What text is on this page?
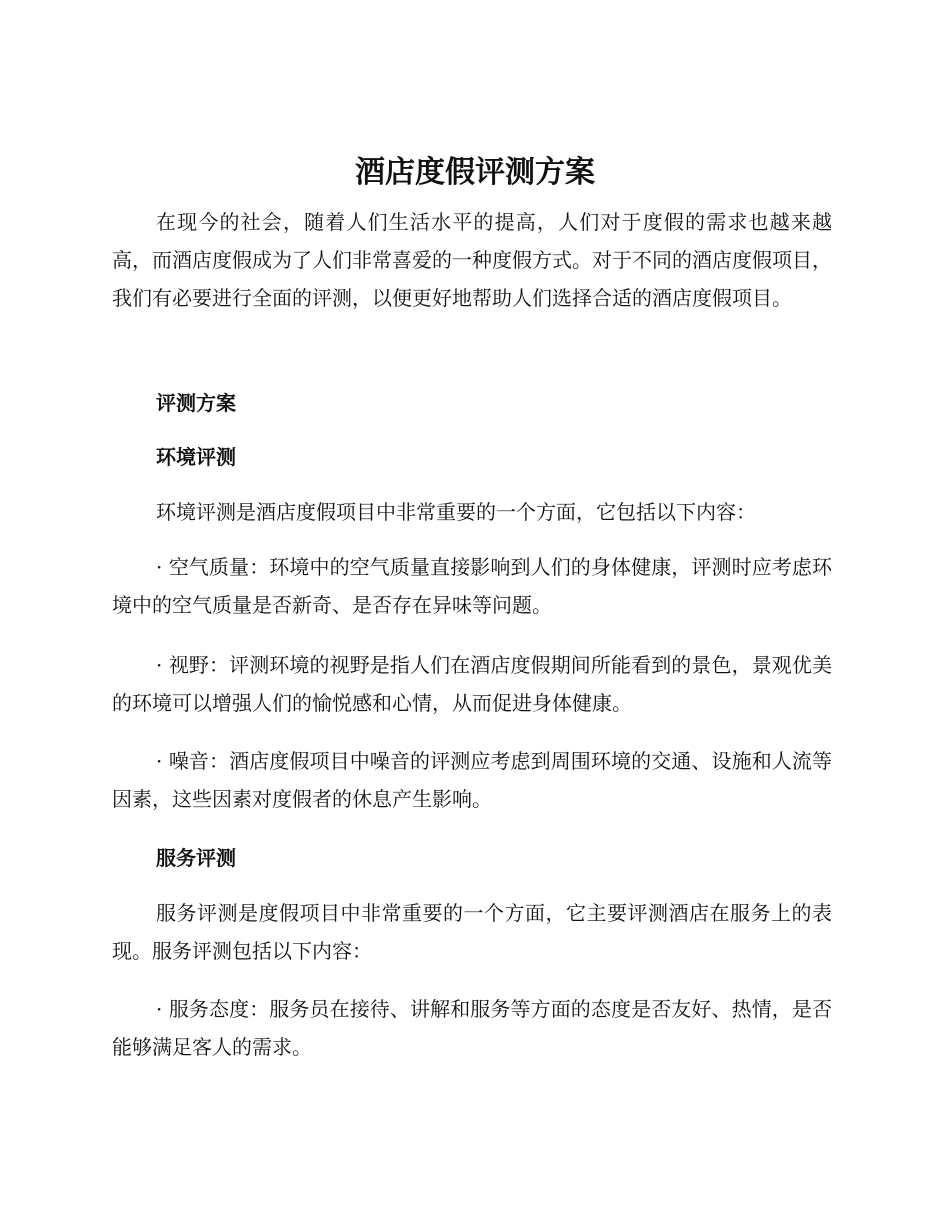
酒店度假评测方案

在现今的社会，随着人们生活水平的提高，人们对于度假的需求也越来越高，而酒店度假成为了人们非常喜爱的一种度假方式。对于不同的酒店度假项目，我们有必要进行全面的评测，以便更好地帮助人们选择合适的酒店度假项目。

评测方案
环境评测

环境评测是酒店度假项目中非常重要的一个方面，它包括以下内容：

· 空气质量：环境中的空气质量直接影响到人们的身体健康，评测时应考虑环境中的空气质量是否新奇、是否存在异味等问题。

· 视野：评测环境的视野是指人们在酒店度假期间所能看到的景色，景观优美的环境可以增强人们的愉悦感和心情，从而促进身体健康。

· 噪音：酒店度假项目中噪音的评测应考虑到周围环境的交通、设施和人流等因素，这些因素对度假者的休息产生影响。

服务评测

服务评测是度假项目中非常重要的一个方面，它主要评测酒店在服务上的表现。服务评测包括以下内容：

· 服务态度：服务员在接待、讲解和服务等方面的态度是否友好、热情，是否能够满足客人的需求。
